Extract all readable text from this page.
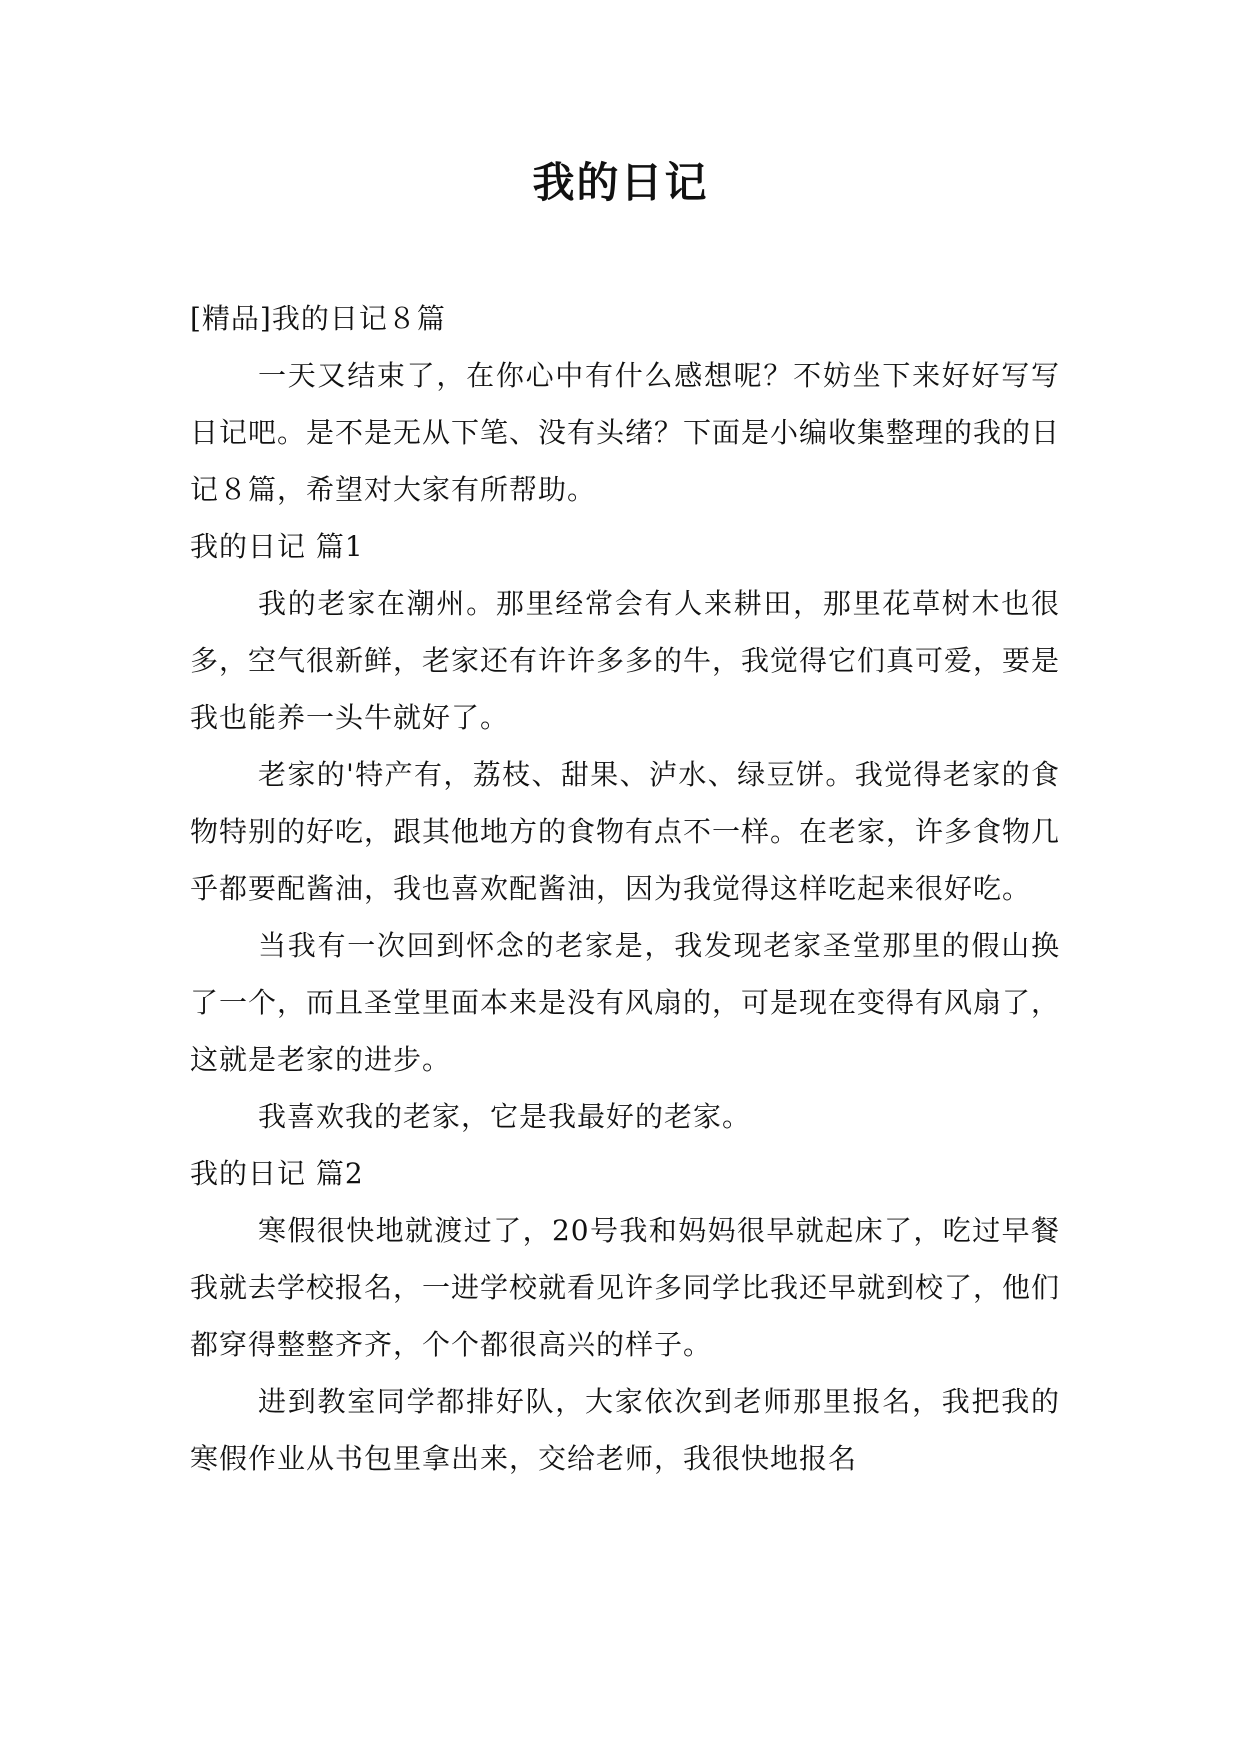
我的日记

[精品]我的日记８篇

一天又结束了，在你心中有什么感想呢？不妨坐下来好好写写日记吧。是不是无从下笔、没有头绪？下面是小编收集整理的我的日记８篇，希望对大家有所帮助。

我的日记 篇1

我的老家在潮州。那里经常会有人来耕田，那里花草树木也很多，空气很新鲜，老家还有许许多多的牛，我觉得它们真可爱，要是我也能养一头牛就好了。

老家的'特产有，荔枝、甜果、泸水、绿豆饼。我觉得老家的食物特别的好吃，跟其他地方的食物有点不一样。在老家，许多食物几乎都要配酱油，我也喜欢配酱油，因为我觉得这样吃起来很好吃。

当我有一次回到怀念的老家是，我发现老家圣堂那里的假山换了一个，而且圣堂里面本来是没有风扇的，可是现在变得有风扇了，这就是老家的进步。

我喜欢我的老家，它是我最好的老家。

我的日记 篇2

寒假很快地就渡过了，20号我和妈妈很早就起床了，吃过早餐我就去学校报名，一进学校就看见许多同学比我还早就到校了，他们都穿得整整齐齐，个个都很高兴的样子。

进到教室同学都排好队，大家依次到老师那里报名，我把我的寒假作业从书包里拿出来，交给老师，我很快地报名
